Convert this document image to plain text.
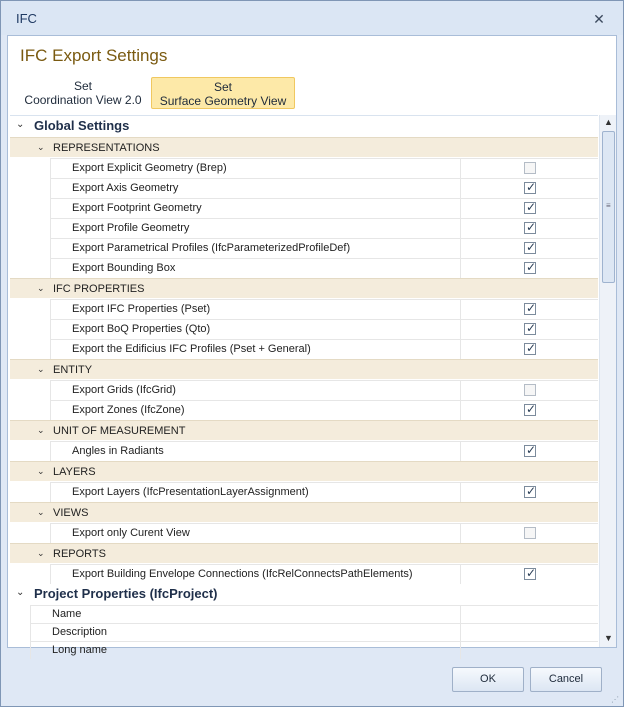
IFC	✕
IFC Export Settings
Set
Coordination View 2.0
Set
Surface Geometry View
⌄ Global Settings
⌄ REPRESENTATIONS
Export Explicit Geometry (Brep)
Export Axis Geometry	✓
Export Footprint Geometry	✓
Export Profile Geometry	✓
Export Parametrical Profiles (IfcParameterizedProfileDef)	✓
Export Bounding Box	✓
⌄ IFC PROPERTIES
Export IFC Properties (Pset)	✓
Export BoQ Properties (Qto)	✓
Export the Edificius IFC Profiles (Pset + General)	✓
⌄ ENTITY
Export Grids (IfcGrid)
Export Zones (IfcZone)	✓
⌄ UNIT OF MEASUREMENT
Angles in Radiants	✓
⌄ LAYERS
Export Layers (IfcPresentationLayerAssignment)	✓
⌄ VIEWS
Export only Curent View
⌄ REPORTS
Export Building Envelope Connections (IfcRelConnectsPathElements)	✓
⌄ Project Properties (IfcProject)
Name
Description
Long name
▲
≡
▼
OK	Cancel
⋰
